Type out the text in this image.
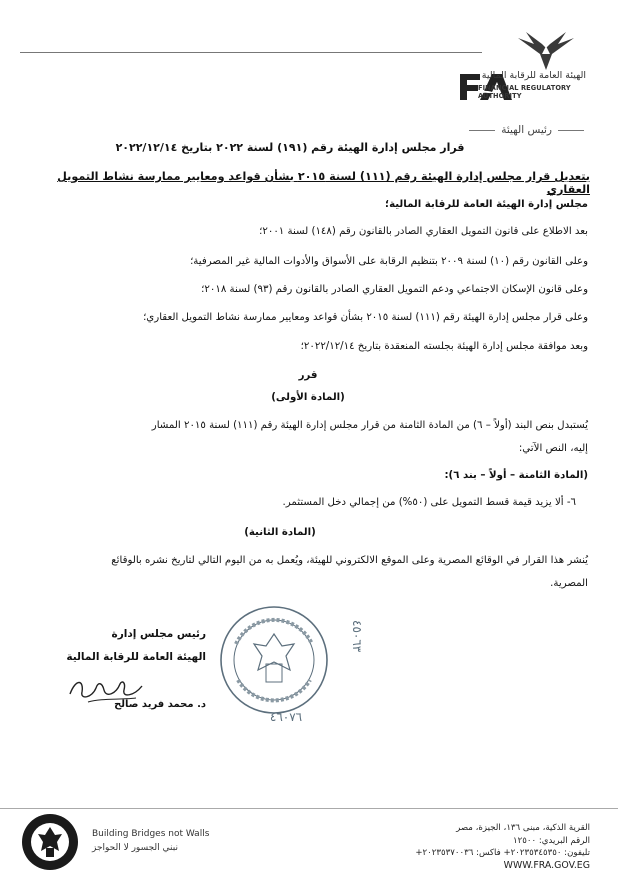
الهيئة العامة للرقابة المالية
FINANCIAL REGULATORY AUTHORITY
رئيس الهيئة
قرار مجلس إدارة الهيئة رقم (١٩١) لسنة ٢٠٢٢ بتاريخ ٢٠٢٢/١٢/١٤
بتعديل قرار مجلس إدارة الهيئة رقم (١١١) لسنة ٢٠١٥ بشأن قواعد ومعايير ممارسة نشاط التمويل العقاري
مجلس إدارة الهيئة العامة للرقابة المالية؛
بعد الاطلاع على قانون التمويل العقاري الصادر بالقانون رقم (١٤٨) لسنة ٢٠٠١؛
وعلى القانون رقم (١٠) لسنة ٢٠٠٩ بتنظيم الرقابة على الأسواق والأدوات المالية غير المصرفية؛
وعلى قانون الإسكان الاجتماعي ودعم التمويل العقاري الصادر بالقانون رقم (٩٣) لسنة ٢٠١٨؛
وعلى قرار مجلس إدارة الهيئة رقم (١١١) لسنة ٢٠١٥ بشأن قواعد ومعايير ممارسة نشاط التمويل العقاري؛
وبعد موافقة مجلس إدارة الهيئة بجلسته المنعقدة بتاريخ ٢٠٢٢/١٢/١٤؛
قرر
(المادة الأولى)
يُستبدل بنص البند (أولاً – ٦) من المادة الثامنة من قرار مجلس إدارة الهيئة رقم (١١١) لسنة ٢٠١٥ المشار
إليه، النص الآتي:
(المادة الثامنة – أولاً – بند ٦):
٦- ألا يزيد قيمة قسط التمويل على (٥٠%) من إجمالي دخل المستثمر.
(المادة الثانية)
يُنشر هذا القرار في الوقائع المصرية وعلى الموقع الالكتروني للهيئة، ويُعمل به من اليوم التالي لتاريخ نشره بالوقائع
المصرية.
٤٥٠٦٣
٤٦٠٧٦
رئيس مجلس إدارة
الهيئة العامة للرقابة المالية
د. محمد فريد صالح
Building Bridges not Walls
نبني الجسور لا الحواجز
القرية الذكية، مبنى ١٣٦، الجيزة، مصر
الرقم البريدي: ١٢٥٠٠
تليفون: ٢٠٢٣٥٣٤٥٣٥٠+ فاكس: ٢٠٢٣٥٣٧٠٠٣٦+
WWW.FRA.GOV.EG
